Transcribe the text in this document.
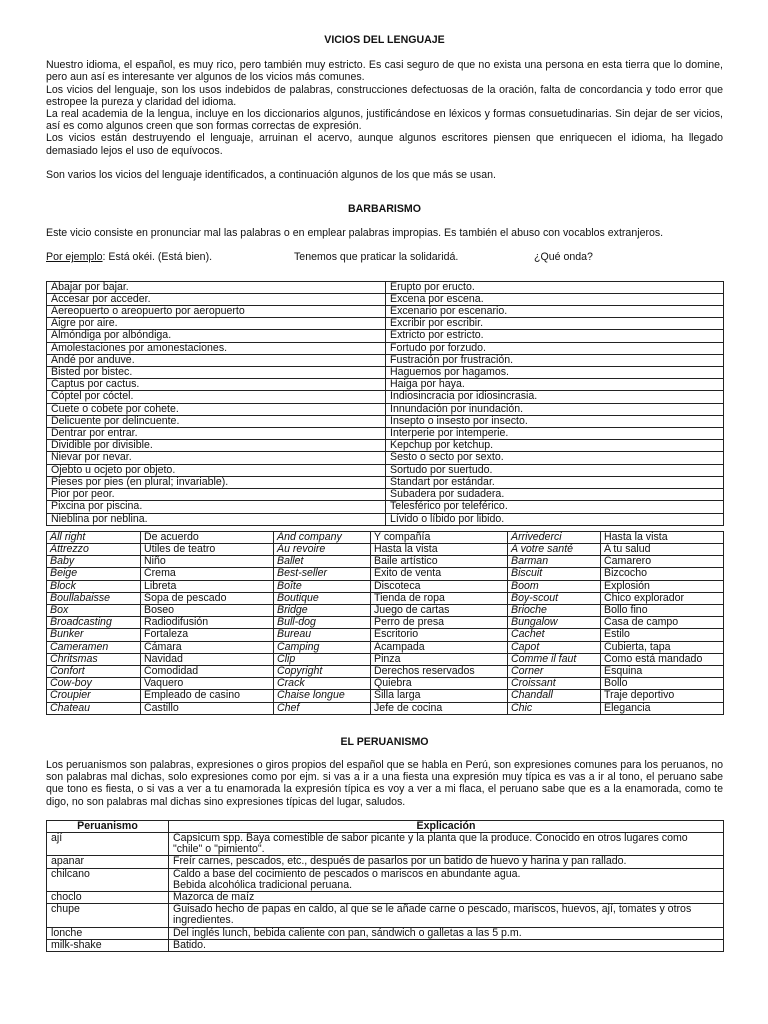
VICIOS DEL LENGUAJE

Nuestro idioma, el español, es muy rico, pero también muy estricto. Es casi seguro de que no exista una persona en esta tierra que lo domine, pero aun así es interesante ver algunos de los vicios más comunes.

Los vicios del lenguaje, son los usos indebidos de palabras, construcciones defectuosas de la oración, falta de concordancia y todo error que estropee la pureza y claridad del idioma.

La real academia de la lengua, incluye en los diccionarios algunos, justificándose en léxicos y formas consuetudinarias. Sin dejar de ser vicios, así es como algunos creen que son formas correctas de expresión.

Los vicios están destruyendo el lenguaje, arruinan el acervo, aunque algunos escritores piensen que enriquecen el idioma, ha llegado demasiado lejos el uso de equívocos.

Son varios los vicios del lenguaje identificados, a continuación algunos de los que más se usan.

BARBARISMO

Este vicio consiste en pronunciar mal las palabras o en emplear palabras impropias. Es también el abuso con vocablos extranjeros.

Por ejemplo: Está okéi. (Está bien).	Tenemos que praticar la solidaridá.	¿Qué onda?
Abajar por bajar.	Erupto por eructo.
Accesar por acceder.	Excena por escena.
Aereopuerto o areopuerto por aeropuerto	Excenario por escenario.
Aigre por aire.	Excribir por escribir.
Almóndiga por albóndiga.	Extricto por estricto.
Amolestaciones por amonestaciones.	Fortudo por forzudo.
Andé por anduve.	Fustración por frustración.
Bisted por bistec.	Haguemos por hagamos.
Captus por cactus.	Haiga por haya.
Cóptel por cóctel.	Indiosincracia por idiosincrasia.
Cuete o cobete por cohete.	Innundación por inundación.
Delicuente por delincuente.	Insepto o insesto por insecto.
Dentrar por entrar.	Interperie por intemperie.
Dividible por divisible.	Kepchup por ketchup.
Nievar por nevar.	Sesto o secto por sexto.
Ojebto u ocjeto por objeto.	Sortudo por suertudo.
Pieses por pies (en plural; invariable).	Standart por estándar.
Pior por peor.	Subadera por sudadera.
Pixcina por piscina.	Telesférico por teleférico.
Nieblina por neblina.	Lívido o líbido por libido.
All right	De acuerdo	And company	Y compañía	Arrivederci	Hasta la vista
Attrezzo	Utiles de teatro	Au revoire	Hasta la vista	A votre santé	A tu salud
Baby	Niño	Ballet	Baile artístico	Barman	Camarero
Beige	Crema	Best-seller	Exito de venta	Biscuit	Bizcocho
Block	Libreta	Boîte	Discoteca	Boom	Explosión
Boullabaisse	Sopa de pescado	Boutique	Tienda de ropa	Boy-scout	Chico explorador
Box	Boseo	Bridge	Juego de cartas	Brioche	Bollo fino
Broadcasting	Radiodifusión	Bull-dog	Perro de presa	Bungalow	Casa de campo
Bunker	Fortaleza	Bureau	Escritorio	Cachet	Estilo
Cameramen	Cámara	Camping	Acampada	Capot	Cubierta, tapa
Chritsmas	Navidad	Clip	Pinza	Comme il faut	Como está mandado
Confort	Comodidad	Copyright	Derechos reservados	Corner	Esquina
Cow-boy	Vaquero	Crack	Quiebra	Croissant	Bollo
Croupier	Empleado de casino	Chaise longue	Silla larga	Chandall	Traje deportivo
Chateau	Castillo	Chef	Jefe de cocina	Chic	Elegancia
EL PERUANISMO

Los peruanismos son palabras, expresiones o giros propios del español que se habla en Perú, son expresiones comunes para los peruanos, no son palabras mal dichas, solo expresiones como por ejm. si vas a ir a una fiesta una expresión muy típica es vas a ir al tono, el peruano sabe que tono es fiesta, o si vas a ver a tu enamorada la expresión típica es voy a ver a mi flaca, el peruano sabe que es a la enamorada, como te digo, no son palabras mal dichas sino expresiones típicas del lugar, saludos.

Peruanismo	Explicación
ají	Capsicum spp. Baya comestible de sabor picante y la planta que la produce. Conocido en otros lugares como "chile" o "pimiento".

apanar	Freír carnes, pescados, etc., después de pasarlos por un batido de huevo y harina y pan rallado.

chilcano	Caldo a base del cocimiento de pescados o mariscos en abundante agua.
Bebida alcohólica tradicional peruana.

choclo	Mazorca de maíz

chupe	Guisado hecho de papas en caldo, al que se le añade carne o pescado, mariscos, huevos, ají, tomates y otros ingredientes.

lonche	Del inglés lunch, bebida caliente con pan, sándwich o galletas a las 5 p.m.

milk-shake	Batido.
